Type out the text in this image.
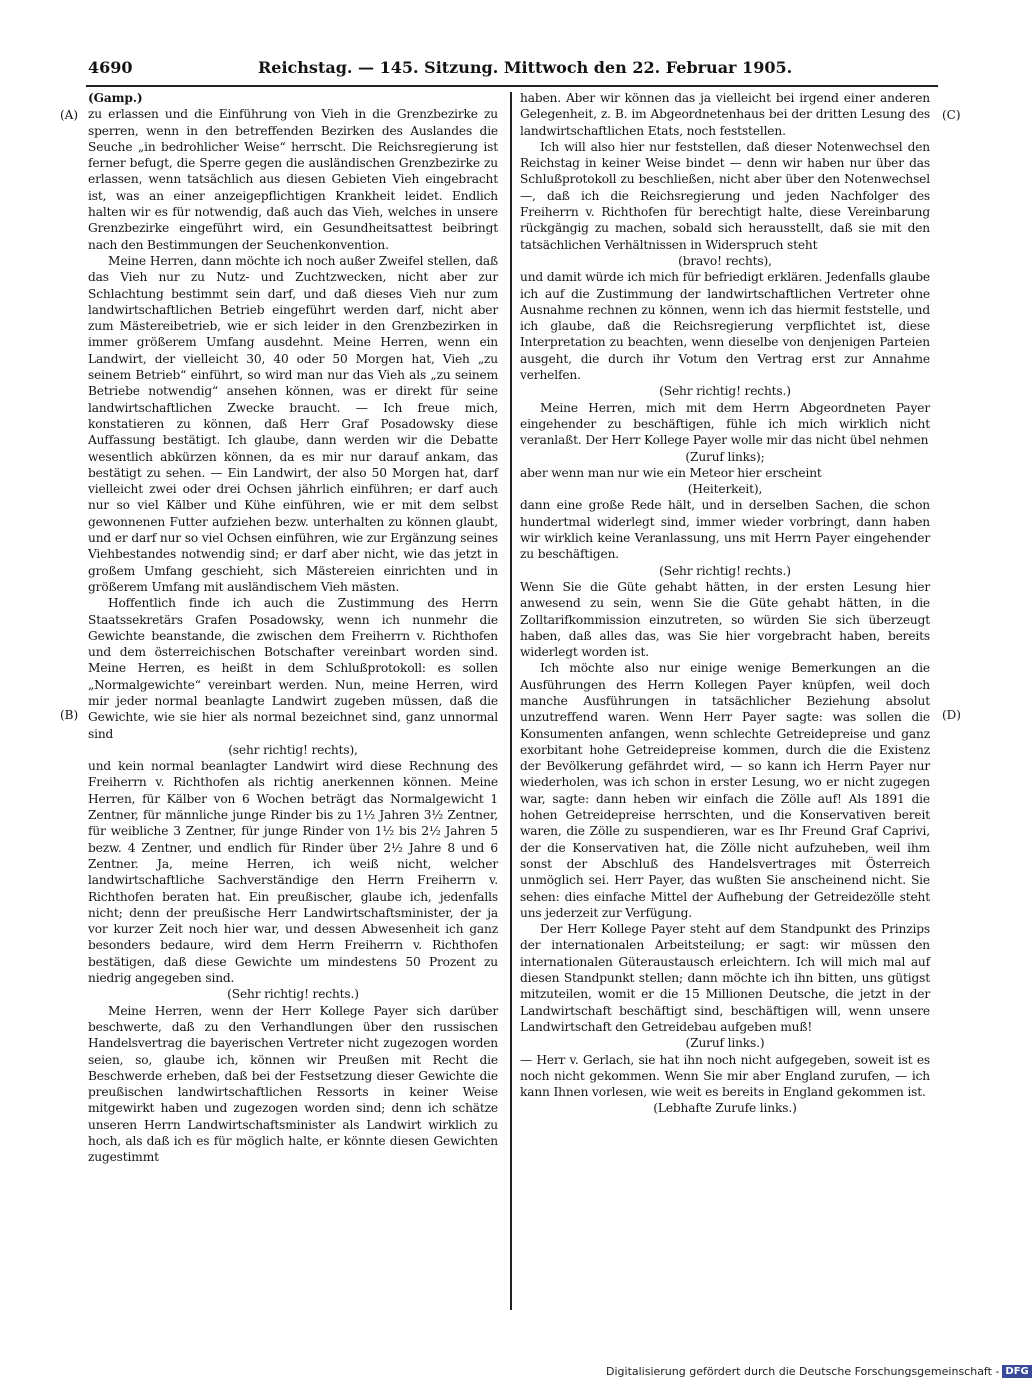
4690	Reichstag. — 145. Sitzung. Mittwoch den 22. Februar 1905.
(A)
(B)
(C)
(D)

(Gamp.)

zu erlassen und die Einführung von Vieh in die Grenzbezirke zu sperren, wenn in den betreffenden Bezirken des Auslandes die Seuche „in bedrohlicher Weise“ herrscht. Die Reichsregierung ist ferner befugt, die Sperre gegen die ausländischen Grenzbezirke zu erlassen, wenn tatsächlich aus diesen Gebieten Vieh eingebracht ist, was an einer anzeigepflichtigen Krankheit leidet. Endlich halten wir es für notwendig, daß auch das Vieh, welches in unsere Grenzbezirke eingeführt wird, ein Gesundheitsattest beibringt nach den Bestimmungen der Seuchenkonvention.

Meine Herren, dann möchte ich noch außer Zweifel stellen, daß das Vieh nur zu Nutz- und Zuchtzwecken, nicht aber zur Schlachtung bestimmt sein darf, und daß dieses Vieh nur zum landwirtschaftlichen Betrieb eingeführt werden darf, nicht aber zum Mästereibetrieb, wie er sich leider in den Grenzbezirken in immer größerem Umfang ausdehnt. Meine Herren, wenn ein Landwirt, der vielleicht 30, 40 oder 50 Morgen hat, Vieh „zu seinem Betrieb“ einführt, so wird man nur das Vieh als „zu seinem Betriebe notwendig“ ansehen können, was er direkt für seine landwirtschaftlichen Zwecke braucht. — Ich freue mich, konstatieren zu können, daß Herr Graf Posadowsky diese Auffassung bestätigt. Ich glaube, dann werden wir die Debatte wesentlich abkürzen können, da es mir nur darauf ankam, das bestätigt zu sehen. — Ein Landwirt, der also 50 Morgen hat, darf vielleicht zwei oder drei Ochsen jährlich einführen; er darf auch nur so viel Kälber und Kühe einführen, wie er mit dem selbst gewonnenen Futter aufziehen bezw. unterhalten zu können glaubt, und er darf nur so viel Ochsen einführen, wie zur Ergänzung seines Viehbestandes notwendig sind; er darf aber nicht, wie das jetzt in großem Umfang geschieht, sich Mästereien einrichten und in größerem Umfang mit ausländischem Vieh mästen.

Hoffentlich finde ich auch die Zustimmung des Herrn Staatssekretärs Grafen Posadowsky, wenn ich nunmehr die Gewichte beanstande, die zwischen dem Freiherrn v. Richthofen und dem österreichischen Botschafter vereinbart worden sind. Meine Herren, es heißt in dem Schlußprotokoll: es sollen „Normalgewichte“ vereinbart werden. Nun, meine Herren, wird mir jeder normal beanlagte Landwirt zugeben müssen, daß die Gewichte, wie sie hier als normal bezeichnet sind, ganz unnormal sind

(sehr richtig! rechts),

und kein normal beanlagter Landwirt wird diese Rechnung des Freiherrn v. Richthofen als richtig anerkennen können. Meine Herren, für Kälber von 6 Wochen beträgt das Normalgewicht 1 Zentner, für männliche junge Rinder bis zu 1½ Jahren 3½ Zentner, für weibliche 3 Zentner, für junge Rinder von 1½ bis 2½ Jahren 5 bezw. 4 Zentner, und endlich für Rinder über 2½ Jahre 8 und 6 Zentner. Ja, meine Herren, ich weiß nicht, welcher landwirtschaftliche Sachverständige den Herrn Freiherrn v. Richthofen beraten hat. Ein preußischer, glaube ich, jedenfalls nicht; denn der preußische Herr Landwirtschaftsminister, der ja vor kurzer Zeit noch hier war, und dessen Abwesenheit ich ganz besonders bedaure, wird dem Herrn Freiherrn v. Richthofen bestätigen, daß diese Gewichte um mindestens 50 Prozent zu niedrig angegeben sind.

(Sehr richtig! rechts.)

Meine Herren, wenn der Herr Kollege Payer sich darüber beschwerte, daß zu den Verhandlungen über den russischen Handelsvertrag die bayerischen Vertreter nicht zugezogen worden seien, so, glaube ich, können wir Preußen mit Recht die Beschwerde erheben, daß bei der Festsetzung dieser Gewichte die preußischen landwirtschaftlichen Ressorts in keiner Weise mitgewirkt haben und zugezogen worden sind; denn ich schätze unseren Herrn Landwirtschaftsminister als Landwirt wirklich zu hoch, als daß ich es für möglich halte, er könnte diesen Gewichten zugestimmt

haben. Aber wir können das ja vielleicht bei irgend einer anderen Gelegenheit, z. B. im Abgeordnetenhaus bei der dritten Lesung des landwirtschaftlichen Etats, noch feststellen.

Ich will also hier nur feststellen, daß dieser Notenwechsel den Reichstag in keiner Weise bindet — denn wir haben nur über das Schlußprotokoll zu beschließen, nicht aber über den Notenwechsel —, daß ich die Reichsregierung und jeden Nachfolger des Freiherrn v. Richthofen für berechtigt halte, diese Vereinbarung rückgängig zu machen, sobald sich herausstellt, daß sie mit den tatsächlichen Verhältnissen in Widerspruch steht

(bravo! rechts),

und damit würde ich mich für befriedigt erklären. Jedenfalls glaube ich auf die Zustimmung der landwirtschaftlichen Vertreter ohne Ausnahme rechnen zu können, wenn ich das hiermit feststelle, und ich glaube, daß die Reichsregierung verpflichtet ist, diese Interpretation zu beachten, wenn dieselbe von denjenigen Parteien ausgeht, die durch ihr Votum den Vertrag erst zur Annahme verhelfen.

(Sehr richtig! rechts.)

Meine Herren, mich mit dem Herrn Abgeordneten Payer eingehender zu beschäftigen, fühle ich mich wirklich nicht veranlaßt. Der Herr Kollege Payer wolle mir das nicht übel nehmen

(Zuruf links);

aber wenn man nur wie ein Meteor hier erscheint

(Heiterkeit),

dann eine große Rede hält, und in derselben Sachen, die schon hundertmal widerlegt sind, immer wieder vorbringt, dann haben wir wirklich keine Veranlassung, uns mit Herrn Payer eingehender zu beschäftigen.

(Sehr richtig! rechts.)

Wenn Sie die Güte gehabt hätten, in der ersten Lesung hier anwesend zu sein, wenn Sie die Güte gehabt hätten, in die Zolltarifkommission einzutreten, so würden Sie sich überzeugt haben, daß alles das, was Sie hier vorgebracht haben, bereits widerlegt worden ist.

Ich möchte also nur einige wenige Bemerkungen an die Ausführungen des Herrn Kollegen Payer knüpfen, weil doch manche Ausführungen in tatsächlicher Beziehung absolut unzutreffend waren. Wenn Herr Payer sagte: was sollen die Konsumenten anfangen, wenn schlechte Getreidepreise und ganz exorbitant hohe Getreidepreise kommen, durch die die Existenz der Bevölkerung gefährdet wird, — so kann ich Herrn Payer nur wiederholen, was ich schon in erster Lesung, wo er nicht zugegen war, sagte: dann heben wir einfach die Zölle auf! Als 1891 die hohen Getreidepreise herrschten, und die Konservativen bereit waren, die Zölle zu suspendieren, war es Ihr Freund Graf Caprivi, der die Konservativen hat, die Zölle nicht aufzuheben, weil ihm sonst der Abschluß des Handelsvertrages mit Österreich unmöglich sei. Herr Payer, das wußten Sie anscheinend nicht. Sie sehen: dies einfache Mittel der Aufhebung der Getreidezölle steht uns jederzeit zur Verfügung.

Der Herr Kollege Payer steht auf dem Standpunkt des Prinzips der internationalen Arbeitsteilung; er sagt: wir müssen den internationalen Güteraustausch erleichtern. Ich will mich mal auf diesen Standpunkt stellen; dann möchte ich ihn bitten, uns gütigst mitzuteilen, womit er die 15 Millionen Deutsche, die jetzt in der Landwirtschaft beschäftigt sind, beschäftigen will, wenn unsere Landwirtschaft den Getreidebau aufgeben muß!

(Zuruf links.)

— Herr v. Gerlach, sie hat ihn noch nicht aufgegeben, soweit ist es noch nicht gekommen. Wenn Sie mir aber England zurufen, — ich kann Ihnen vorlesen, wie weit es bereits in England gekommen ist.

(Lebhafte Zurufe links.)

Digitalisierung gefördert durch die Deutsche Forschungsgemeinschaft - DFG
